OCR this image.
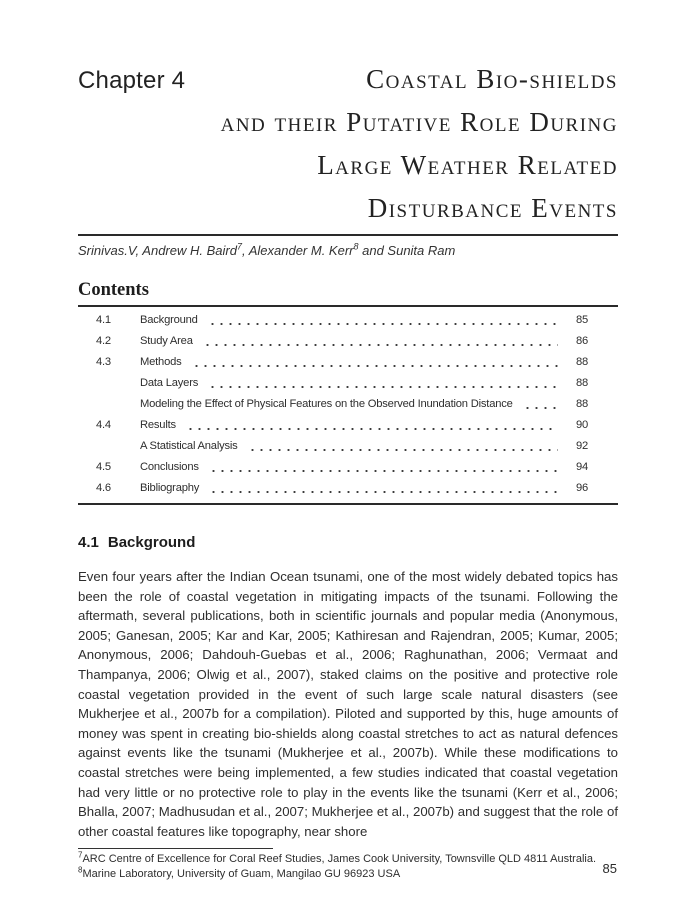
Chapter 4	Coastal Bio-shields
and their Putative Role During
Large Weather Related
Disturbance Events
Srinivas.V, Andrew H. Baird$^7$, Alexander M. Kerr$^8$ and Sunita Ram
Contents
4.1	Background	85
4.2	Study Area	86
4.3	Methods	88
Data Layers	88
Modeling the Effect of Physical Features on the Observed Inundation Distance	88
4.4	Results	90
A Statistical Analysis	92
4.5	Conclusions	94
4.6	Bibliography	96
4.1 Background

Even four years after the Indian Ocean tsunami, one of the most widely debated topics has been the role of coastal vegetation in mitigating impacts of the tsunami. Following the aftermath, several publications, both in scientific journals and popular media (Anonymous, 2005; Ganesan, 2005; Kar and Kar, 2005; Kathiresan and Rajendran, 2005; Kumar, 2005; Anonymous, 2006; Dahdouh-Guebas et al., 2006; Raghunathan, 2006; Vermaat and Thampanya, 2006; Olwig et al., 2007), staked claims on the positive and protective role coastal vegetation provided in the event of such large scale natural disasters (see Mukherjee et al., 2007b for a compilation). Piloted and supported by this, huge amounts of money was spent in creating bio-shields along coastal stretches to act as natural defences against events like the tsunami (Mukherjee et al., 2007b). While these modifications to coastal stretches were being implemented, a few studies indicated that coastal vegetation had very little or no protective role to play in the events like the tsunami (Kerr et al., 2006; Bhalla, 2007; Madhusudan et al., 2007; Mukherjee et al., 2007b) and suggest that the role of other coastal features like topography, near shore

$^7$ARC Centre of Excellence for Coral Reef Studies, James Cook University, Townsville QLD 4811 Australia.
$^8$Marine Laboratory, University of Guam, Mangilao GU 96923 USA	85
